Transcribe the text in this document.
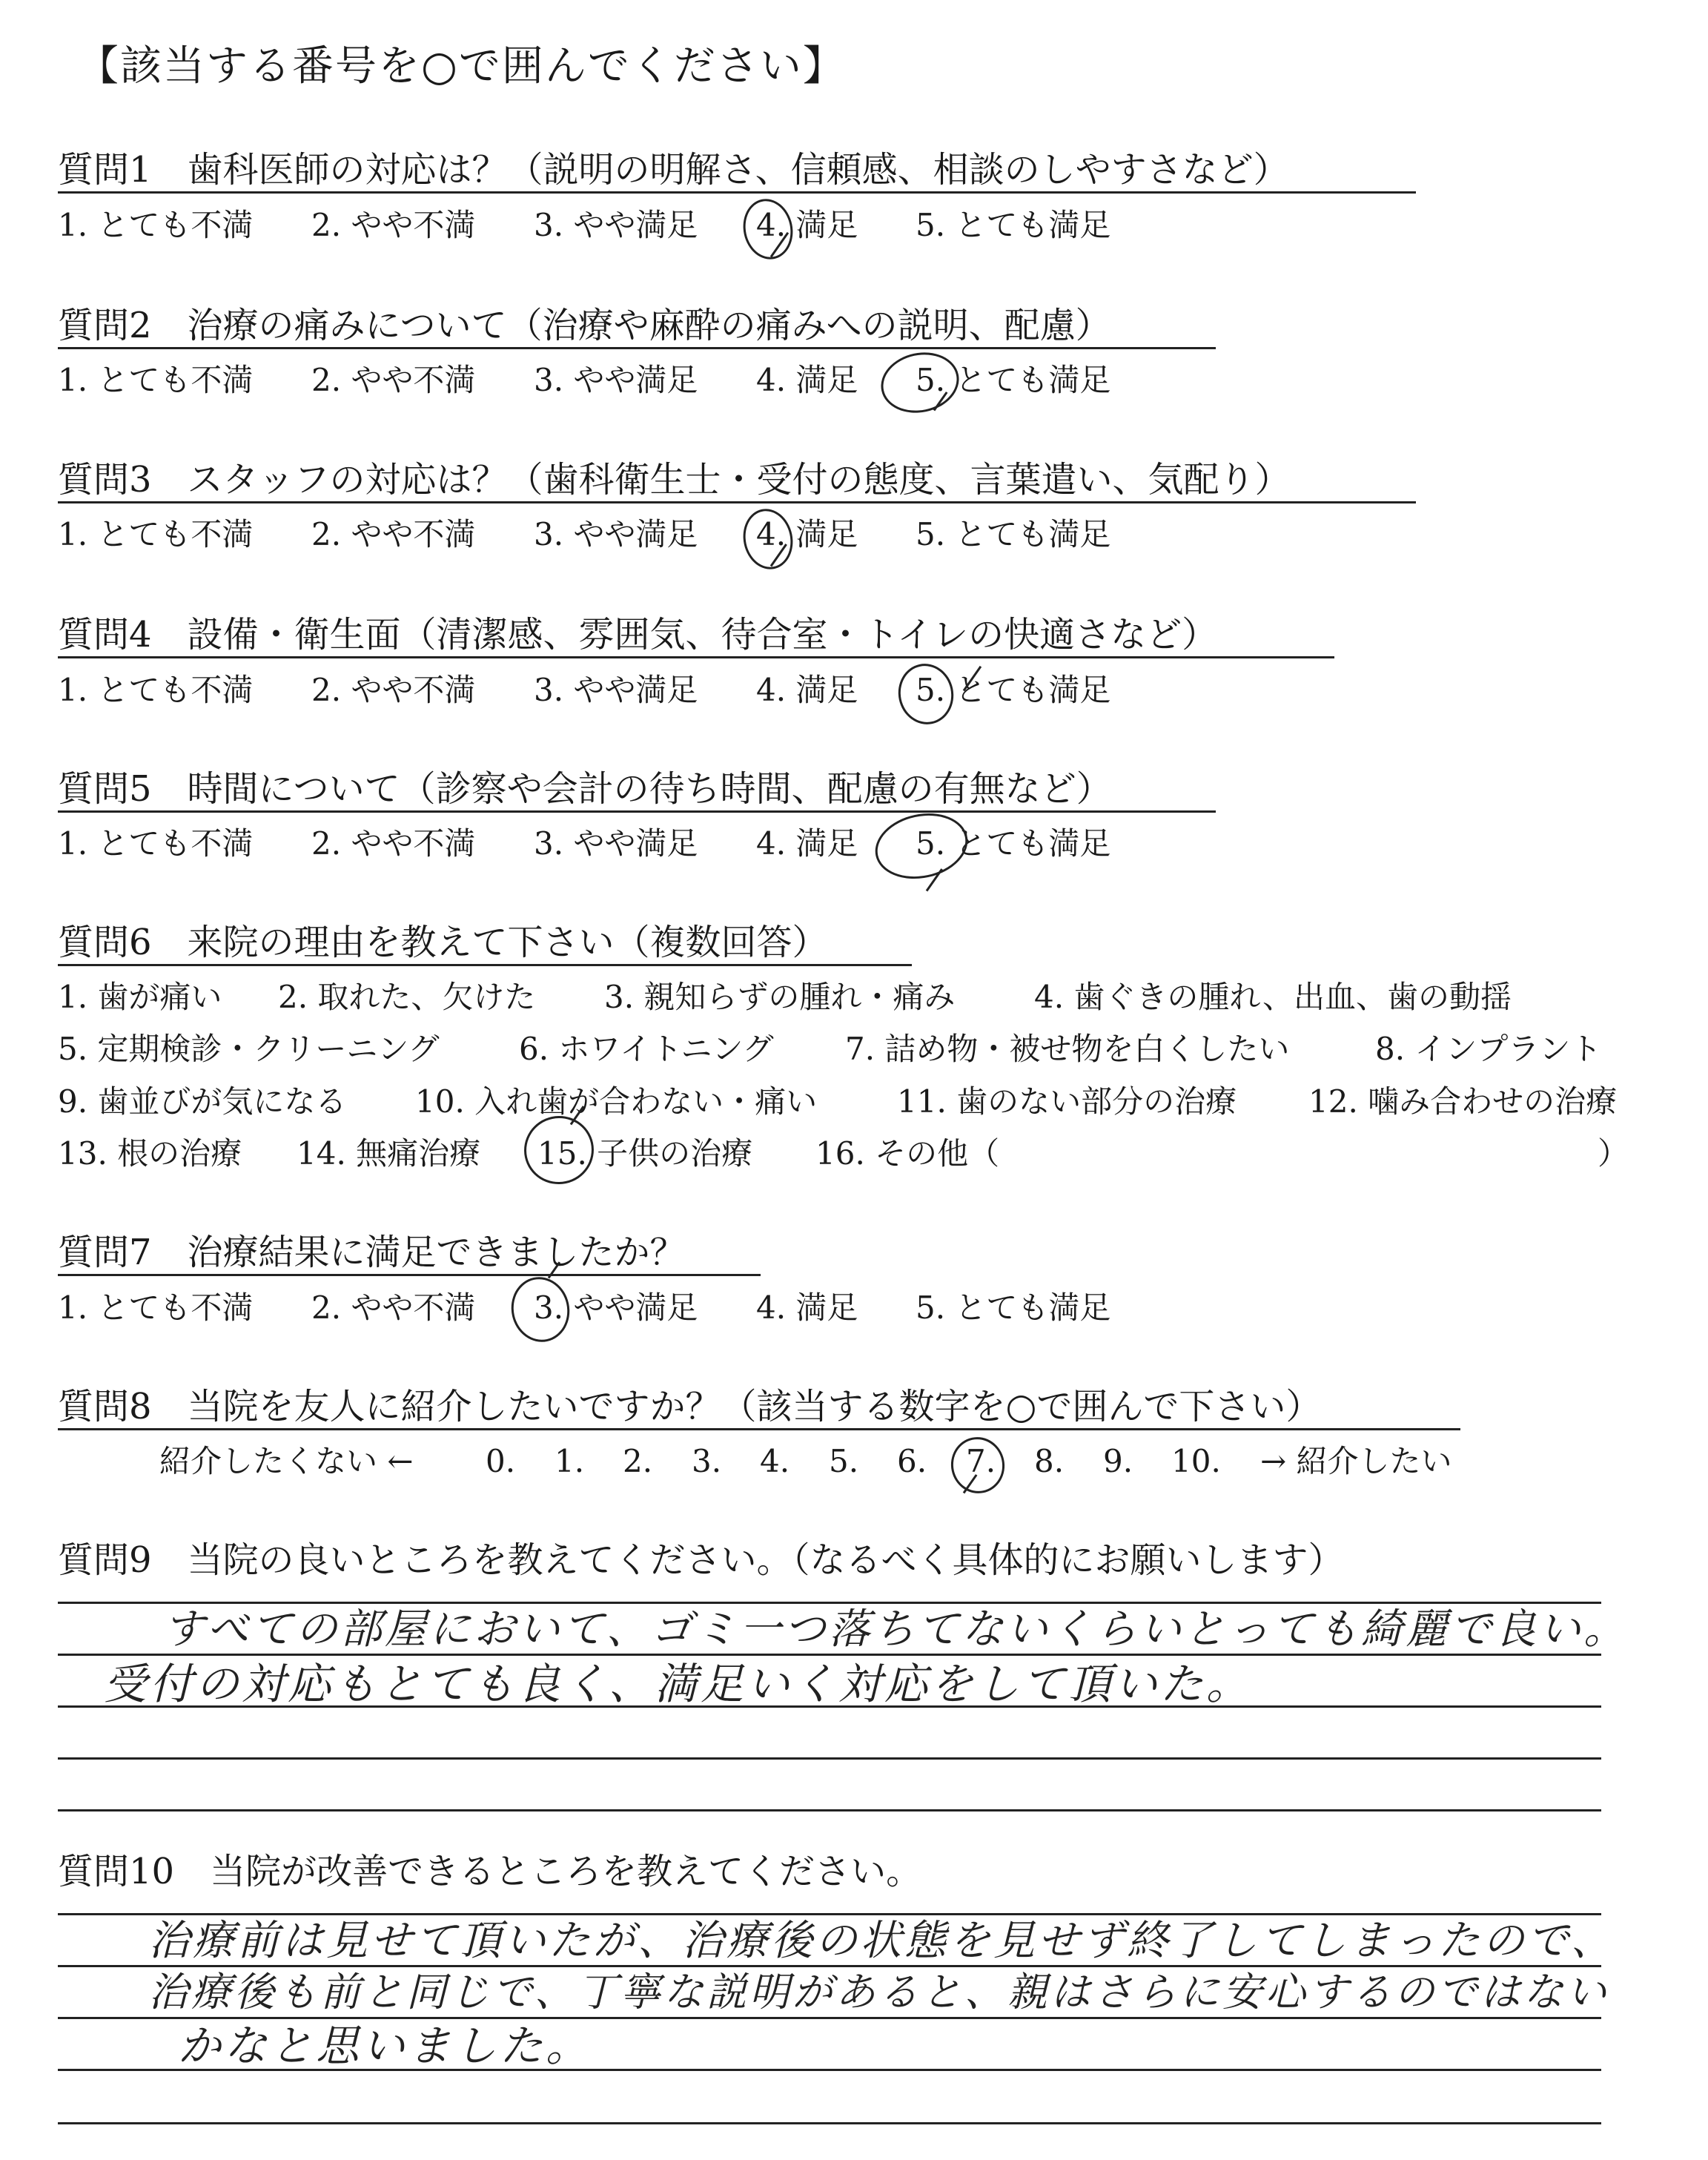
【該当する番号を○で囲んでください】
質問1　歯科医師の対応は？（説明の明解さ、信頼感、相談のしやすさなど）
1. とても不満 2. やや不満 3. やや満足 4. 満足 5. とても満足
質問2　治療の痛みについて（治療や麻酔の痛みへの説明、配慮）
1. とても不満 2. やや不満 3. やや満足 4. 満足 5. とても満足
質問3　スタッフの対応は？（歯科衛生士・受付の態度、言葉遣い、気配り）
1. とても不満 2. やや不満 3. やや満足 4. 満足 5. とても満足
質問4　設備・衛生面（清潔感、雰囲気、待合室・トイレの快適さなど）
1. とても不満 2. やや不満 3. やや満足 4. 満足 5. とても満足
質問5　時間について（診察や会計の待ち時間、配慮の有無など）
1. とても不満 2. やや不満 3. やや満足 4. 満足 5. とても満足
質問6　来院の理由を教えて下さい（複数回答）
1. 歯が痛い 2. 取れた、欠けた 3. 親知らずの腫れ・痛み	4. 歯ぐきの腫れ、出血、歯の動揺
5. 定期検診・クリーニング	6. ホワイトニング 7. 詰め物・被せ物を白くしたい	8. インプラント
9. 歯並びが気になる 10. 入れ歯が合わない・痛い	11. 歯のない部分の治療 12. 噛み合わせの治療
13. 根の治療 14. 無痛治療 15. 子供の治療 16. その他（	）
質問7　治療結果に満足できましたか？
1. とても不満 2. やや不満 3. やや満足 4. 満足 5. とても満足
質問8　当院を友人に紹介したいですか？（該当する数字を○で囲んで下さい）
紹介したくない ← 0. 1. 2. 3. 4. 5. 6. 7. 8. 9. 10. → 紹介したい
質問9　当院の良いところを教えてください。（なるべく具体的にお願いします）
すべての部屋において、ゴミ一つ落ちてないくらいとっても綺麗で良い。
受付の対応もとても良く、満足いく対応をして頂いた。
質問10　当院が改善できるところを教えてください。
治療前は見せて頂いたが、治療後の状態を見せず終了してしまったので、
治療後も前と同じで、丁寧な説明があると、親はさらに安心するのではない
かなと思いました。
